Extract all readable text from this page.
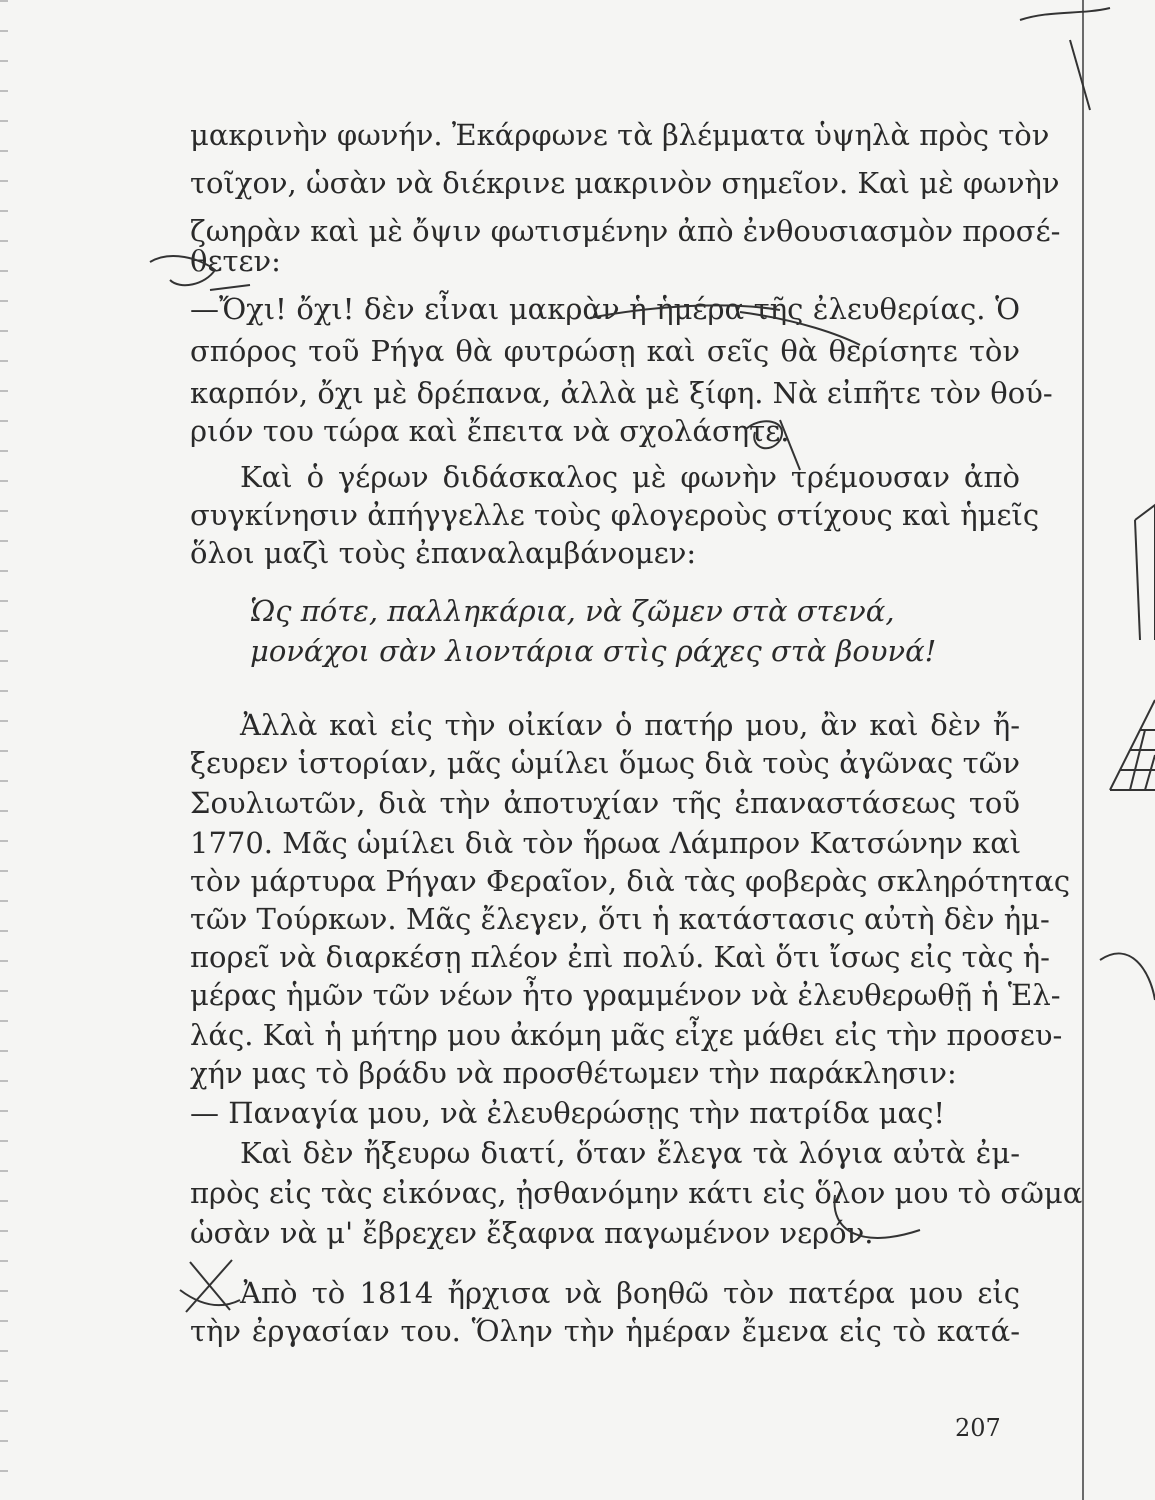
μακρινὴν φωνήν. Ἐκάρφωνε τὰ βλέμματα ὑψηλὰ πρὸς τὸν
τοῖχον, ὡσὰν νὰ διέκρινε μακρινὸν σημεῖον. Καὶ μὲ φωνὴν
ζωηρὰν καὶ μὲ ὄψιν φωτισμένην ἀπὸ ἐνθουσιασμὸν προσέ-
θετεν:
—Ὄχι! ὄχι! δὲν εἶναι μακρὰν ἡ ἡμέρα τῆς ἐλευθερίας. Ὁ
σπόρος τοῦ Ρήγα θὰ φυτρώσῃ καὶ σεῖς θὰ θερίσητε τὸν
καρπόν, ὄχι μὲ δρέπανα, ἀλλὰ μὲ ξίφη. Νὰ εἰπῆτε τὸν θού-
ριόν του τώρα καὶ ἔπειτα νὰ σχολάσητε.
Καὶ ὁ γέρων διδάσκαλος μὲ φωνὴν τρέμουσαν ἀπὸ
συγκίνησιν ἀπήγγελλε τοὺς φλογεροὺς στίχους καὶ ἡμεῖς
ὅλοι μαζὶ τοὺς ἐπαναλαμβάνομεν:
Ὡς πότε, παλληκάρια, νὰ ζῶμεν στὰ στενά,
μονάχοι σὰν λιοντάρια στὶς ράχες στὰ βουνά!
Ἀλλὰ καὶ εἰς τὴν οἰκίαν ὁ πατήρ μου, ἂν καὶ δὲν ἤ-
ξευρεν ἱστορίαν, μᾶς ὡμίλει ὅμως διὰ τοὺς ἀγῶνας τῶν
Σουλιωτῶν, διὰ τὴν ἀποτυχίαν τῆς ἐπαναστάσεως τοῦ
1770. Μᾶς ὡμίλει διὰ τὸν ἥρωα Λάμπρον Κατσώνην καὶ
τὸν μάρτυρα Ρήγαν Φεραῖον, διὰ τὰς φοβερὰς σκληρότητας
τῶν Τούρκων. Μᾶς ἔλεγεν, ὅτι ἡ κατάστασις αὐτὴ δὲν ἠμ-
πορεῖ νὰ διαρκέσῃ πλέον ἐπὶ πολύ. Καὶ ὅτι ἴσως εἰς τὰς ἡ-
μέρας ἡμῶν τῶν νέων ἦτο γραμμένον νὰ ἐλευθερωθῇ ἡ Ἑλ-
λάς. Καὶ ἡ μήτηρ μου ἀκόμη μᾶς εἶχε μάθει εἰς τὴν προσευ-
χήν μας τὸ βράδυ νὰ προσθέτωμεν τὴν παράκλησιν:
— Παναγία μου, νὰ ἐλευθερώσῃς τὴν πατρίδα μας!
Καὶ δὲν ἤξευρω διατί, ὅταν ἔλεγα τὰ λόγια αὐτὰ ἐμ-
πρὸς εἰς τὰς εἰκόνας, ᾐσθανόμην κάτι εἰς ὅλον μου τὸ σῶμα
ὡσὰν νὰ μ' ἔβρεχεν ἔξαφνα παγωμένον νερόν.
Ἀπὸ τὸ 1814 ἤρχισα νὰ βοηθῶ τὸν πατέρα μου εἰς
τὴν ἐργασίαν του. Ὅλην τὴν ἡμέραν ἔμενα εἰς τὸ κατά-
207
